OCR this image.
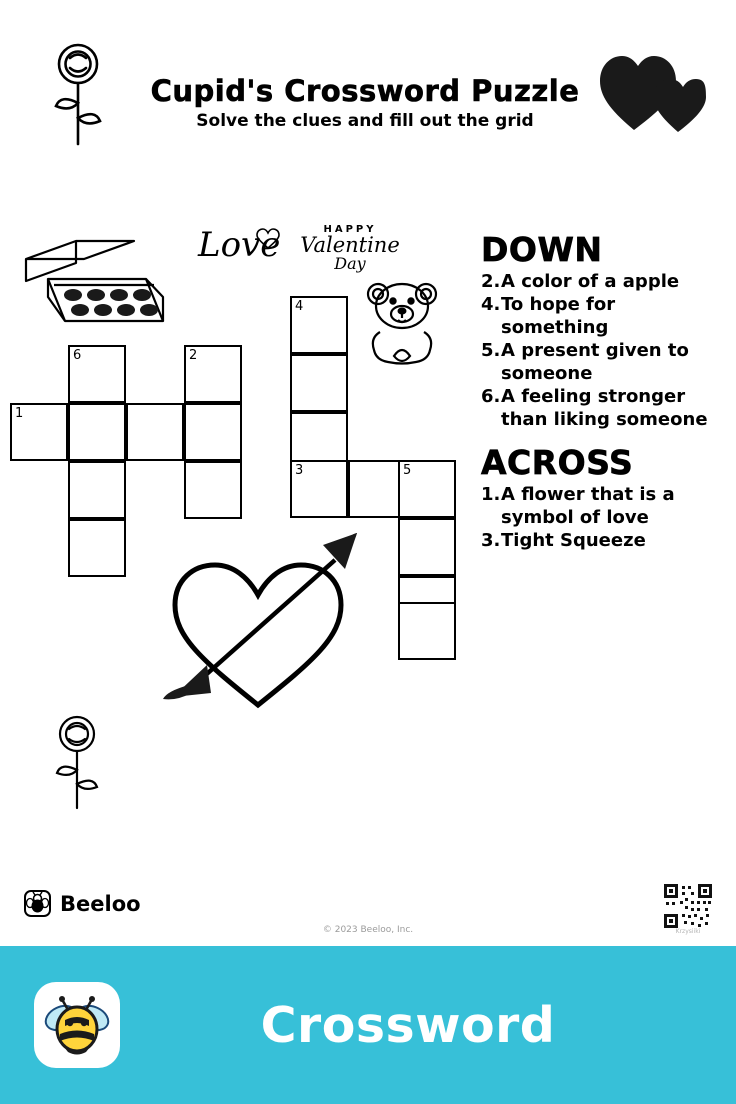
Cupid's Crossword Puzzle
Solve the clues and fill out the grid
Love	HAPPY
Valentine
Day
6
1
2
4
3	5
DOWN
2. A color of a apple
4. To hope for something
5. A present given to someone
6. A feeling stronger than liking someone
ACROSS
1. A flower that is a symbol of love
3. Tight Squeeze
Beeloo
© 2023 Beeloo, Inc.	Krzysiiki
Crossword
